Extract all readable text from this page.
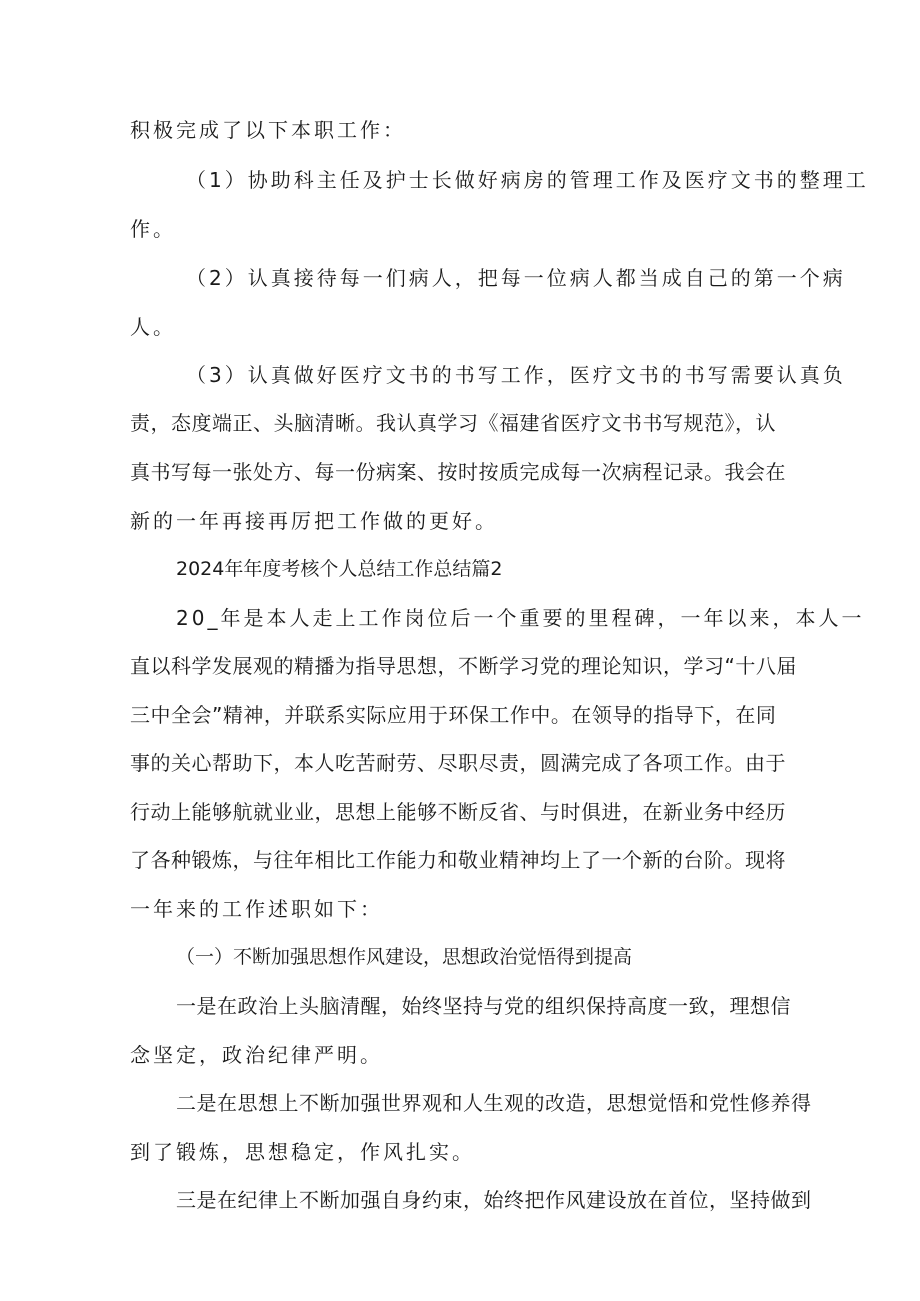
积极完成了以下本职工作：
（1）协助科主任及护士长做好病房的管理工作及医疗文书的整理工
作。
（2）认真接待每一们病人，把每一位病人都当成自己的第一个病
人。
（3）认真做好医疗文书的书写工作，医疗文书的书写需要认真负
责，态度端正、头脑清晰。我认真学习《福建省医疗文书书写规范》，认
真书写每一张处方、每一份病案、按时按质完成每一次病程记录。我会在
新的一年再接再厉把工作做的更好。
2024年年度考核个人总结工作总结篇2
20_年是本人走上工作岗位后一个重要的里程碑，一年以来，本人一
直以科学发展观的精播为指导思想，不断学习党的理论知识，学习“十八届
三中全会”精神，并联系实际应用于环保工作中。在领导的指导下，在同
事的关心帮助下，本人吃苦耐劳、尽职尽责，圆满完成了各项工作。由于
行动上能够航就业业，思想上能够不断反省、与时俱进，在新业务中经历
了各种锻炼，与往年相比工作能力和敬业精神均上了一个新的台阶。现将
一年来的工作述职如下：
（一）不断加强思想作风建设，思想政治觉悟得到提高
一是在政治上头脑清醒，始终坚持与党的组织保持高度一致，理想信
念坚定，政治纪律严明。
二是在思想上不断加强世界观和人生观的改造，思想觉悟和党性修养得
到了锻炼，思想稳定，作风扎实。
三是在纪律上不断加强自身约束，始终把作风建设放在首位，坚持做到
